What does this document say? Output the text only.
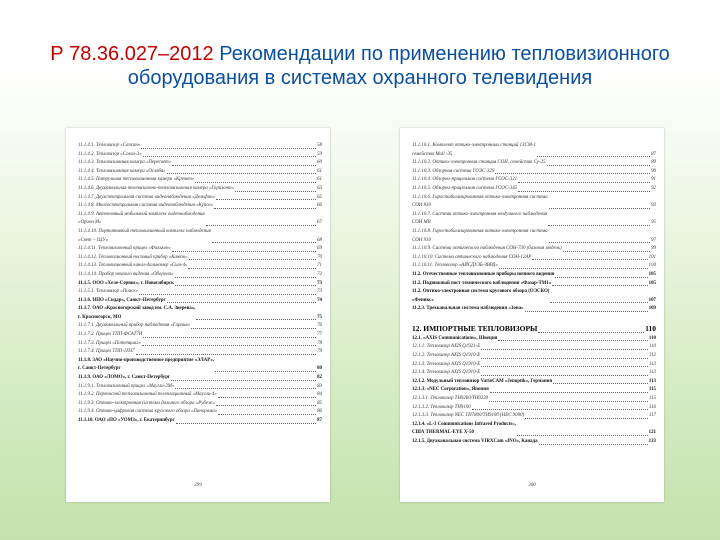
Р 78.36.027–2012 Рекомендации по применению тепловизионного оборудования в системах охранного телевидения
11.1.4.1. Тепловизор «Сапсан»	58
11.1.4.2. Тепловизор «Сокол-3»	59
11.1.4.3. Тепловизионная камера «Пересвет»	60
11.1.4.4. Тепловизионная камера «Ослябя»	61
11.1.4.5. Патрульная тепловизионная камера «Кречет»	61
11.1.4.6. Двухканальная телевизионно-тепловизионная камера «Горизонт»	63
11.1.4.7. Двухспектральная система видеонаблюдения «Дельфин»	65
11.1.4.8. Многоспектральная система видеонаблюдения «Купол»	66
11.1.4.9. Автономный мобильный комплекс видеонаблюдения
«Орион М»	67
11.1.4.10. Портативный тепловизионный комплекс наблюдения
«Свет – 1ЦУ»	68
11.1.4.11. Тепловизионный прицел «Фалькон»	69
11.1.4.12. Тепловизионный носимый прибор «Канюк»	70
11.1.4.13. Тепловизионный канал-дальномер «Сыч-4»	71
11.1.4.14. Прибор ночного видения «Оборона»	72
11.1.5. ООО «Хеле-Сервис», г. Новосибирск	73
11.1.5.1. Тепловизор «Поиск»	73
11.1.6. НПО «Сидар», Санкт–Петербург	74
11.1.7. ОАО «Красногорский завод им. С.А. Зверева»,
г. Красногорск, МО	75
11.1.7.1. Двухканальный прибор наблюдения «Гарпия»	76
11.1.7.2. Прицел ТПП-ФСАТ7И	77
11.1.7.3. Прицел «Потенциал»	78
11.1.7.4. Прицел ТПП-1ПЗ7	79
11.1.8. ЗАО «Научно-производственное предприятие «ЭЛАР»,
г. Санкт-Петербург	80
11.1.9. ОАО «ЛОМО», г. Санкт-Петербург	82
11.1.9.1. Тепловизионный прицел «Маугли-2М»	83
11.1.9.2. Переносной тепловизионный пеленгационный «Маугли-4»	84
11.1.9.3. Оптико-электронная система дальнего обзора «Рубеж»	85
11.1.9.4. Оптико-цифровая система кругового обзора «Панорама»	86
11.1.10. ОАО «ПО «УОМЗ», г. Екатеринбург	87
299
11.1.10.1. Комплект оптико-электронных станций 13СМ-1
семейства Mull -35	87
11.1.10.2. Оптико-электронная станция СОН, семейства Су-25	89
11.1.10.3. Обзорная система ГОЭС-329	90
11.1.10.4. Обзорно-прицельная система ГОЭС-321	91
11.1.10.5. Обзорно-прицельная система ГОЭС-345	92
11.1.10.6. Гиростабилизированная оптико-электронная система
СОН 830	93
11.1.10.7. Система оптико-электронная воздушного наблюдения
СОН МВ	95
11.1.10.8. Гиростабилизированная оптико-электронная система
СОН 910	97
11.1.10.9. Система оптического наблюдения СОН-730 (базовая модель)	99
11.1.10.10. Система оптического наблюдения СОН-12АР	101
11.1.10.11. Тепловизор «АЙСДУЗЬ-ЗВРД»	104
11.2. Отечественные тепловизионные приборы ночного видения	105
11.2. Подвижный пост технического наблюдения «Фазар-ТМ1»	105
11.2. Оптико-электронная система кругового обзора (ОЭСКО)
«Феникс»	107
11.2.3. Трехканальная система наблюдения «Зона»	109
12. ИМПОРТНЫЕ ТЕПЛОВИЗОРЫ	110
12.1. «AXIS Communications», Швеция	110
12.1.1. Тепловизор AXIS Q1921-E	110
12.1.2. Тепловизор AXIS Q1910-E	112
12.1.3. Тепловизор AXIS Q1910-E	113
12.1.4. Тепловизор AXIS Q1910-E	113
12.1.2. Модульный тепловизор VarioCAM «Jenoptik», Германия	113
12.1.3. «NEC Corporation», Япония	115
12.1.3.1. Тепловизор ТН9260/ТН9230	115
12.1.3.2. Тепловизор ТН9100	116
12.1.3.3. Тепловизор NEC ТН7800/ТН9100 (НЕС 9000)	117
12.1.4. «L-3 Communications Infrared Products»,
США THERMAL-EYE X-50	121
12.1.5. Двухканальная система VIRXCam «INO», Канада	133
300
